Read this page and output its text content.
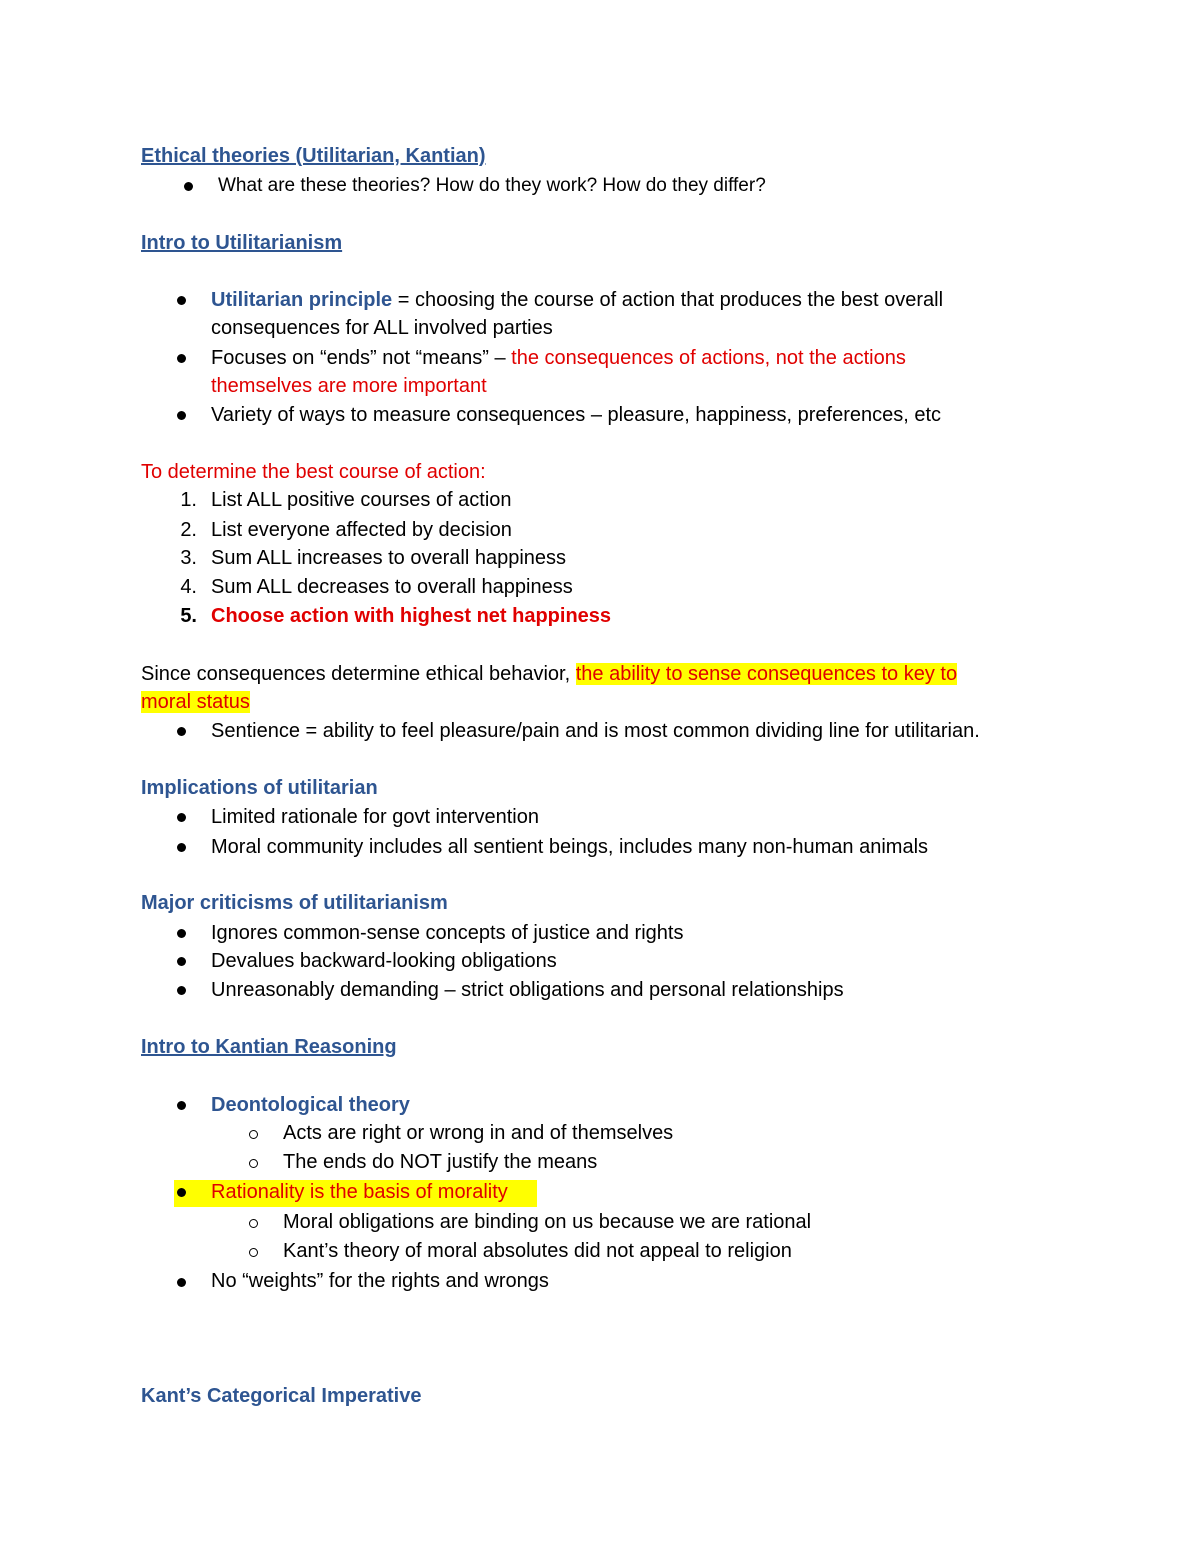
Ethical theories (Utilitarian, Kantian)
What are these theories? How do they work? How do they differ?
Intro to Utilitarianism
Utilitarian principle = choosing the course of action that produces the best overall
consequences for ALL involved parties
Focuses on “ends” not “means” – the consequences of actions, not the actions
themselves are more important
Variety of ways to measure consequences – pleasure, happiness, preferences, etc
To determine the best course of action:
1. List ALL positive courses of action
2. List everyone affected by decision
3. Sum ALL increases to overall happiness
4. Sum ALL decreases to overall happiness
5. Choose action with highest net happiness
Since consequences determine ethical behavior, the ability to sense consequences to key to
moral status
Sentience = ability to feel pleasure/pain and is most common dividing line for utilitarian.
Implications of utilitarian
Limited rationale for govt intervention
Moral community includes all sentient beings, includes many non-human animals
Major criticisms of utilitarianism
Ignores common-sense concepts of justice and rights
Devalues backward-looking obligations
Unreasonably demanding – strict obligations and personal relationships
Intro to Kantian Reasoning
Deontological theory
Acts are right or wrong in and of themselves
The ends do NOT justify the means
Rationality is the basis of morality
Moral obligations are binding on us because we are rational
Kant’s theory of moral absolutes did not appeal to religion
No “weights” for the rights and wrongs
Kant’s Categorical Imperative
